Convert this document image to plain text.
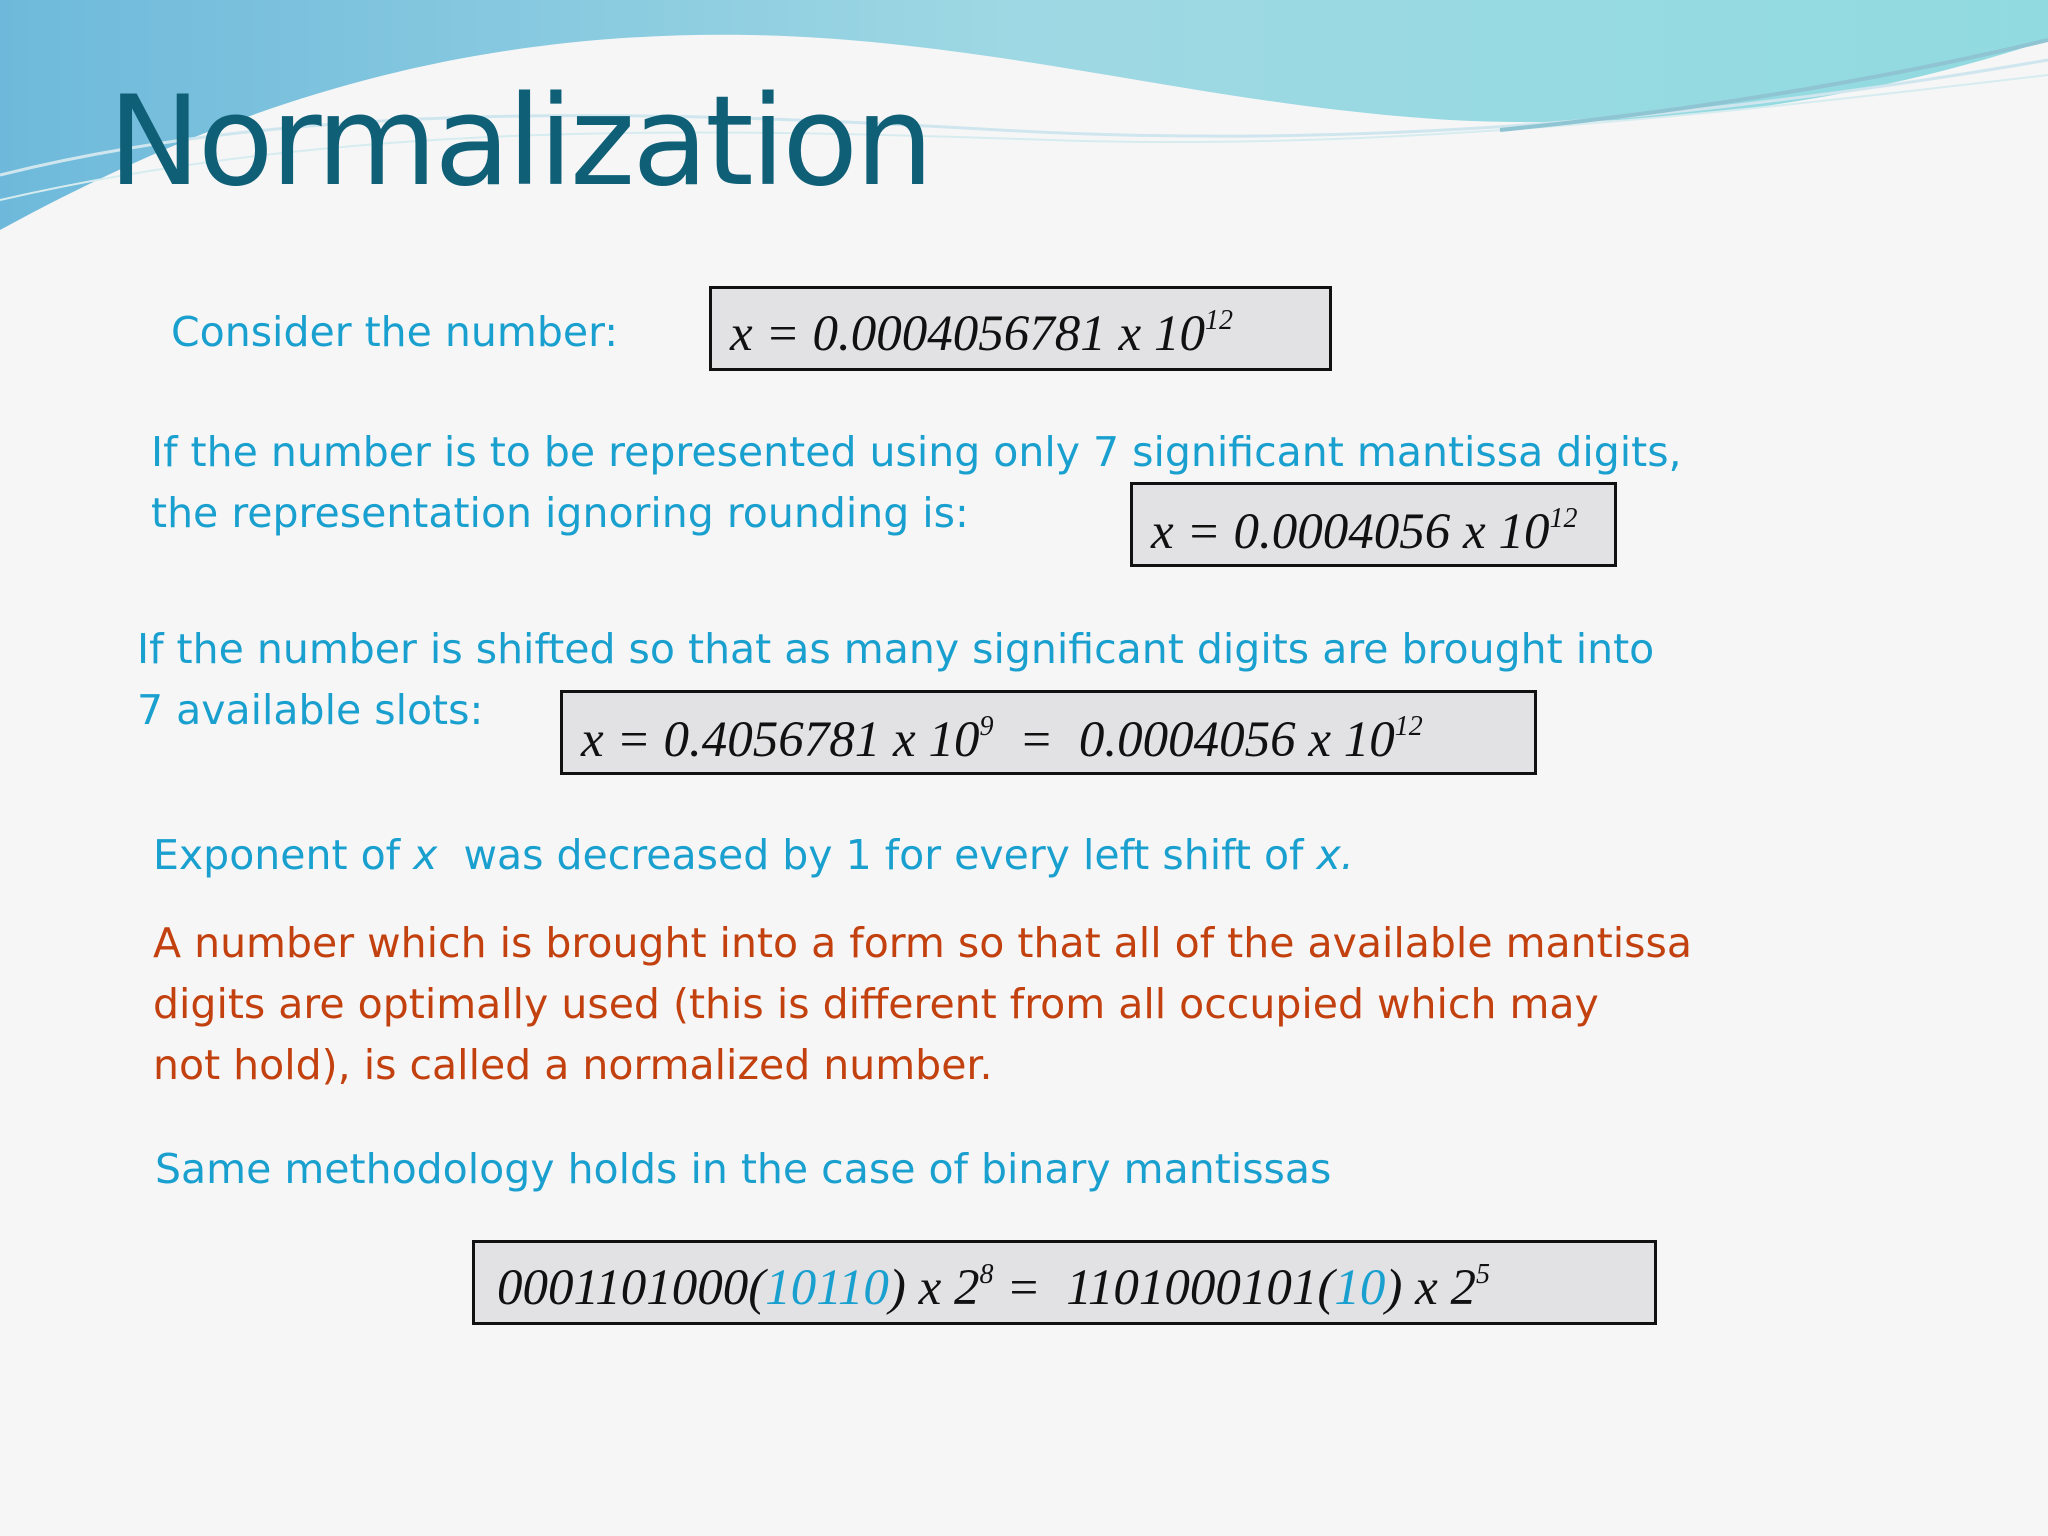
Normalization

Consider the number:	x = 0.0004056781 x $10^{12}$

If the number is to be represented using only 7 significant mantissa digits,

the representation ignoring rounding is:	x = 0.0004056 x $10^{12}$

If the number is shifted so that as many significant digits are brought into

7 available slots:

x = 0.4056781 x $10^9 = 0.0004056$ x $10^{12}$

Exponent of x  was decreased by 1 for every left shift of x.

A number which is brought into a form so that all of the available mantissa

digits are optimally used (this is different from all occupied which may

not hold), is called a normalized number.

Same methodology holds in the case of binary mantissas

0001101000(10110) x $2^8 = 1101000101(10)$ x $2^5$
